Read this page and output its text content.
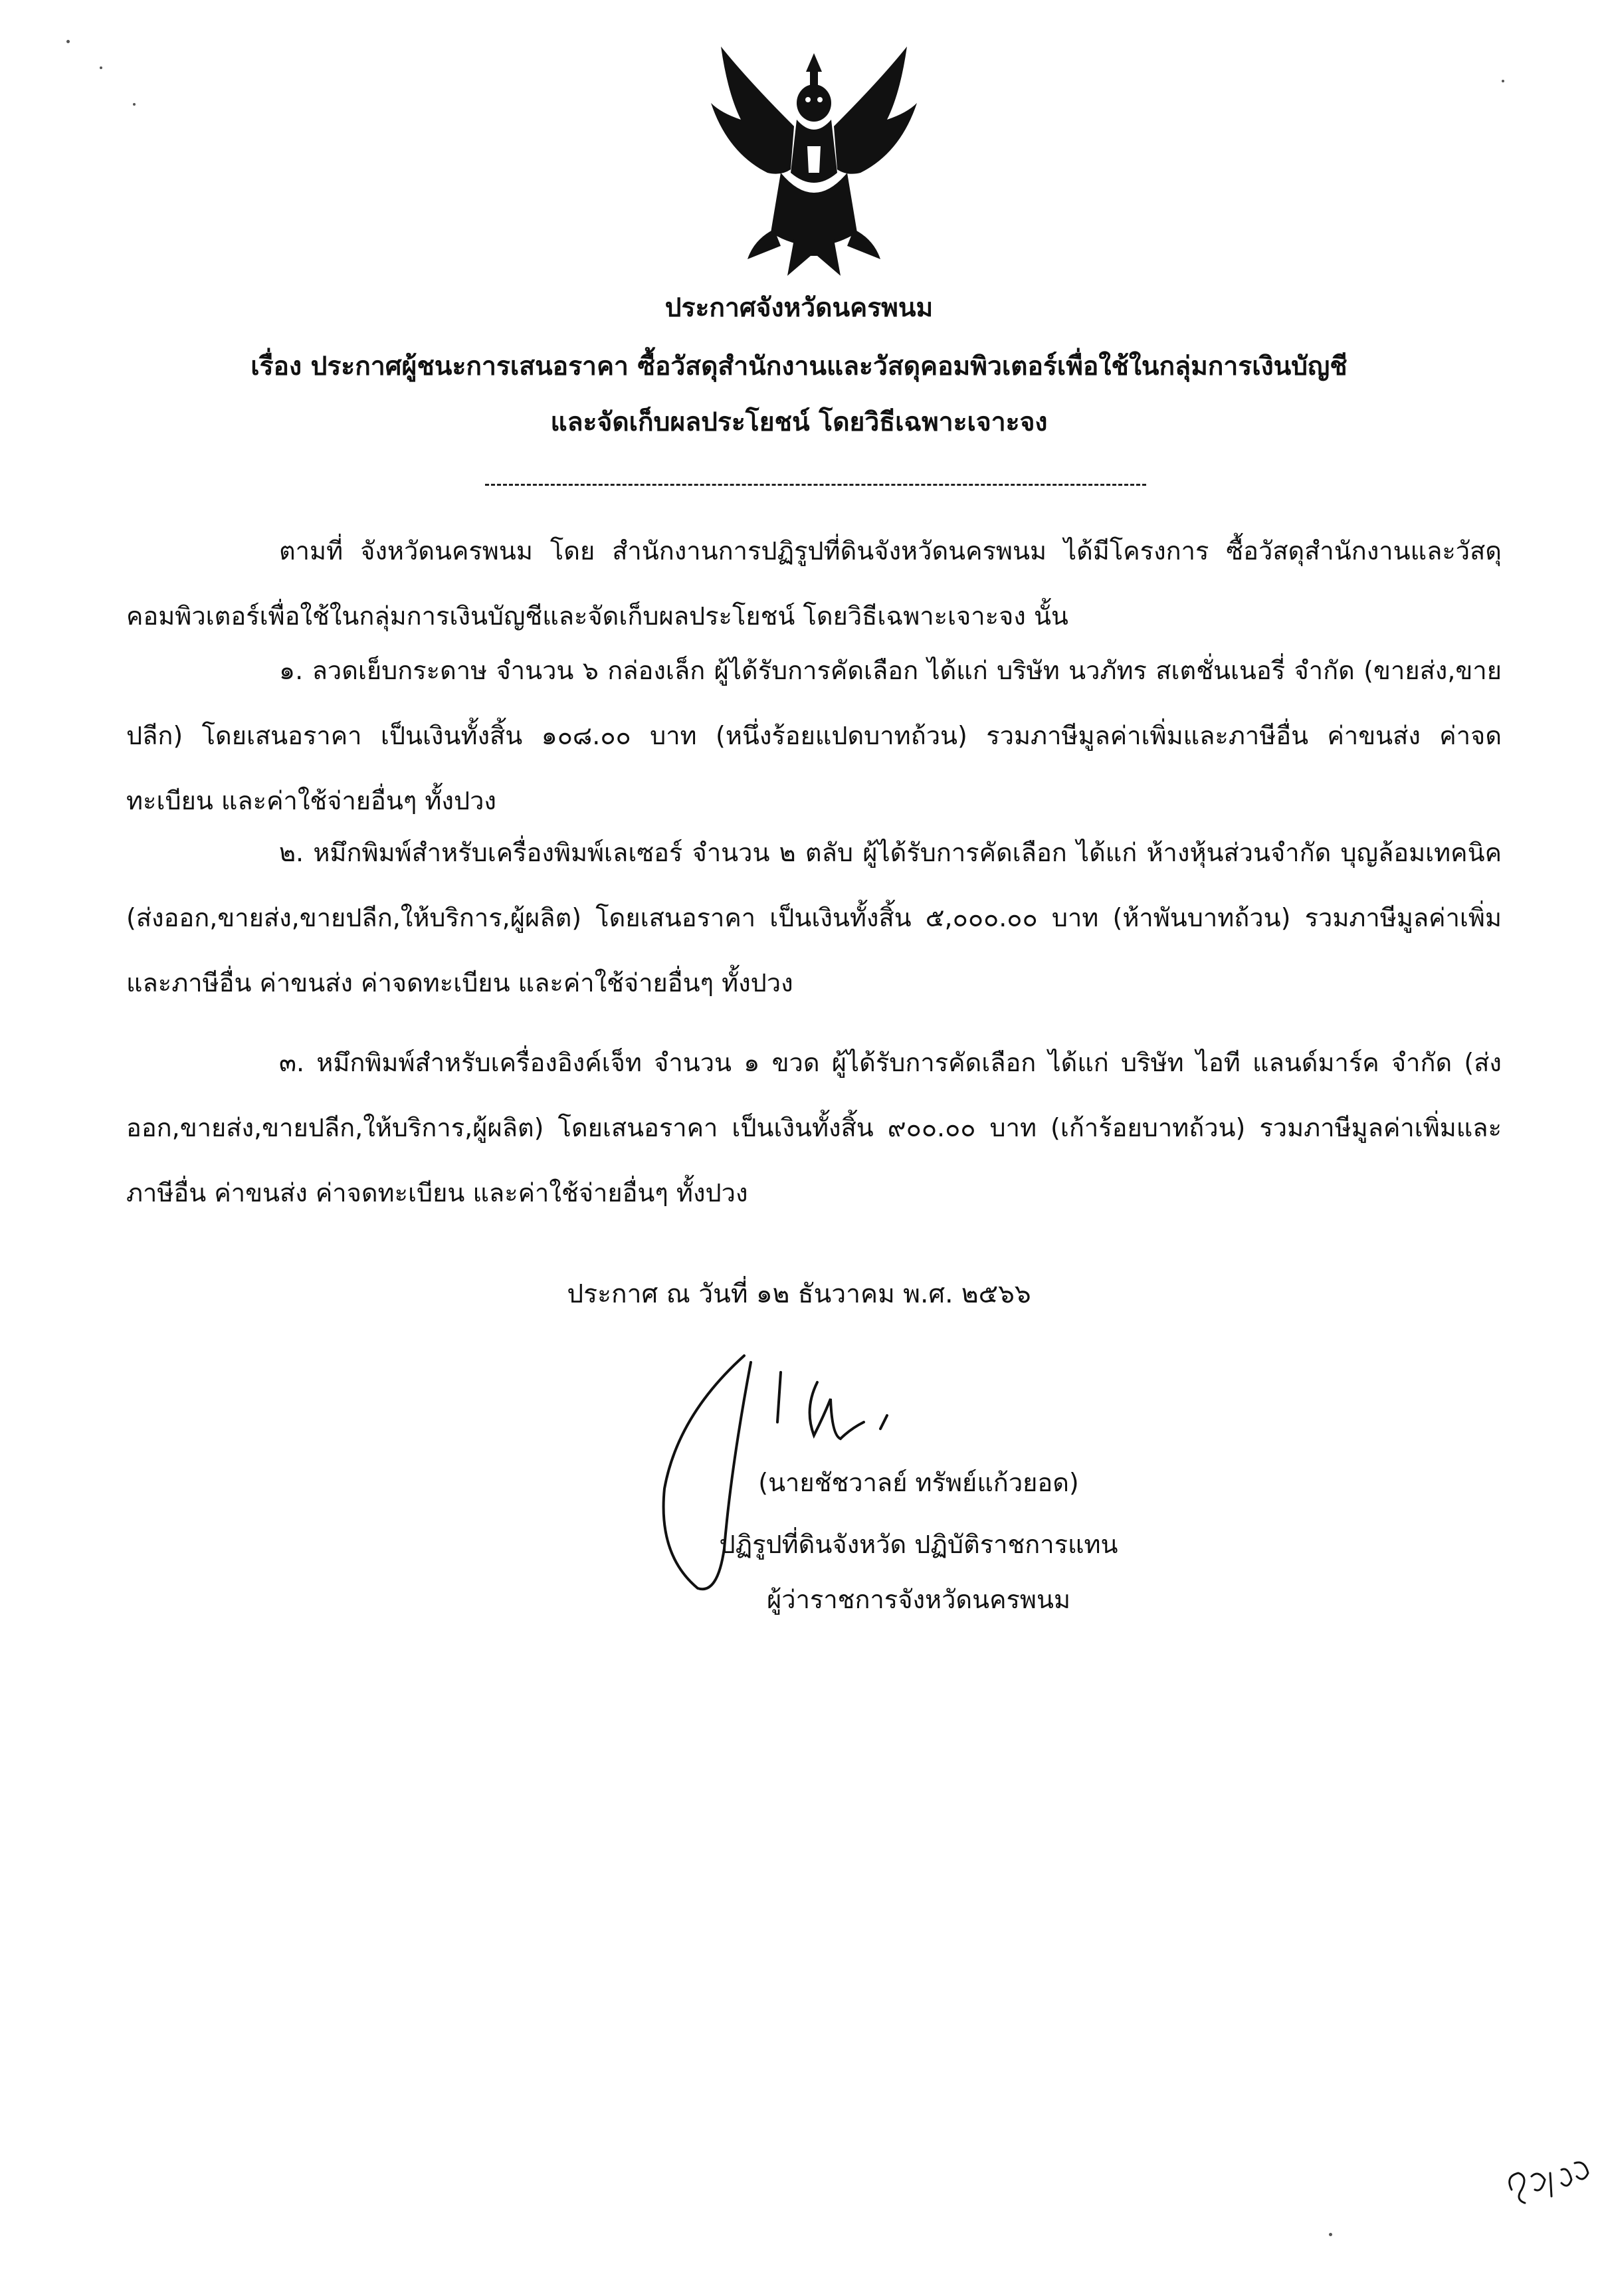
ประกาศจังหวัดนครพนม
เรื่อง ประกาศผู้ชนะการเสนอราคา ซื้อวัสดุสำนักงานและวัสดุคอมพิวเตอร์เพื่อใช้ในกลุ่มการเงินบัญชี
และจัดเก็บผลประโยชน์ โดยวิธีเฉพาะเจาะจง
ตามที่ จังหวัดนครพนม โดย สำนักงานการปฏิรูปที่ดินจังหวัดนครพนม ได้มีโครงการ ซื้อวัสดุสำนักงานและวัสดุคอมพิวเตอร์เพื่อใช้ในกลุ่มการเงินบัญชีและจัดเก็บผลประโยชน์ โดยวิธีเฉพาะเจาะจง นั้น
๑. ลวดเย็บกระดาษ จำนวน ๖ กล่องเล็ก ผู้ได้รับการคัดเลือก ได้แก่ บริษัท นวภัทร สเตชั่นเนอรี่ จำกัด (ขายส่ง,ขายปลีก) โดยเสนอราคา เป็นเงินทั้งสิ้น ๑๐๘.๐๐ บาท (หนึ่งร้อยแปดบาทถ้วน) รวมภาษีมูลค่าเพิ่มและภาษีอื่น ค่าขนส่ง ค่าจดทะเบียน และค่าใช้จ่ายอื่นๆ ทั้งปวง
๒. หมึกพิมพ์สำหรับเครื่องพิมพ์เลเซอร์ จำนวน ๒ ตลับ ผู้ได้รับการคัดเลือก ได้แก่ ห้างหุ้นส่วนจำกัด บุญล้อมเทคนิค (ส่งออก,ขายส่ง,ขายปลีก,ให้บริการ,ผู้ผลิต) โดยเสนอราคา เป็นเงินทั้งสิ้น ๕,๐๐๐.๐๐ บาท (ห้าพันบาทถ้วน) รวมภาษีมูลค่าเพิ่มและภาษีอื่น ค่าขนส่ง ค่าจดทะเบียน และค่าใช้จ่ายอื่นๆ ทั้งปวง
๓. หมึกพิมพ์สำหรับเครื่องอิงค์เจ็ท จำนวน ๑ ขวด ผู้ได้รับการคัดเลือก ได้แก่ บริษัท ไอที แลนด์มาร์ค จำกัด (ส่งออก,ขายส่ง,ขายปลีก,ให้บริการ,ผู้ผลิต) โดยเสนอราคา เป็นเงินทั้งสิ้น ๙๐๐.๐๐ บาท (เก้าร้อยบาทถ้วน) รวมภาษีมูลค่าเพิ่มและภาษีอื่น ค่าขนส่ง ค่าจดทะเบียน และค่าใช้จ่ายอื่นๆ ทั้งปวง
ประกาศ ณ วันที่ ๑๒ ธันวาคม พ.ศ. ๒๕๖๖
(นายชัชวาลย์ ทรัพย์แก้วยอด)
ปฏิรูปที่ดินจังหวัด ปฏิบัติราชการแทน
ผู้ว่าราชการจังหวัดนครพนม
